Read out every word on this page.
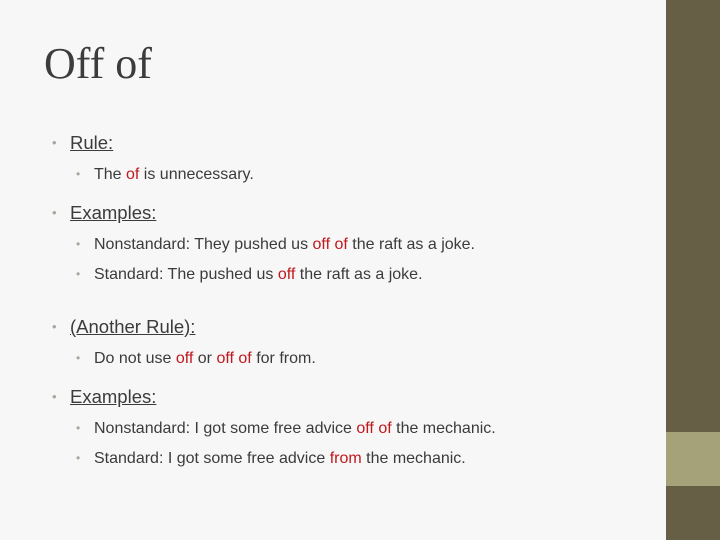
Off of
• Rule:
• The of is unnecessary.
• Examples:
• Nonstandard: They pushed us off of the raft as a joke.
• Standard: The pushed us off the raft as a joke.
• (Another Rule):
• Do not use off or off of for from.
• Examples:
• Nonstandard: I got some free advice off of the mechanic.
• Standard: I got some free advice from the mechanic.
